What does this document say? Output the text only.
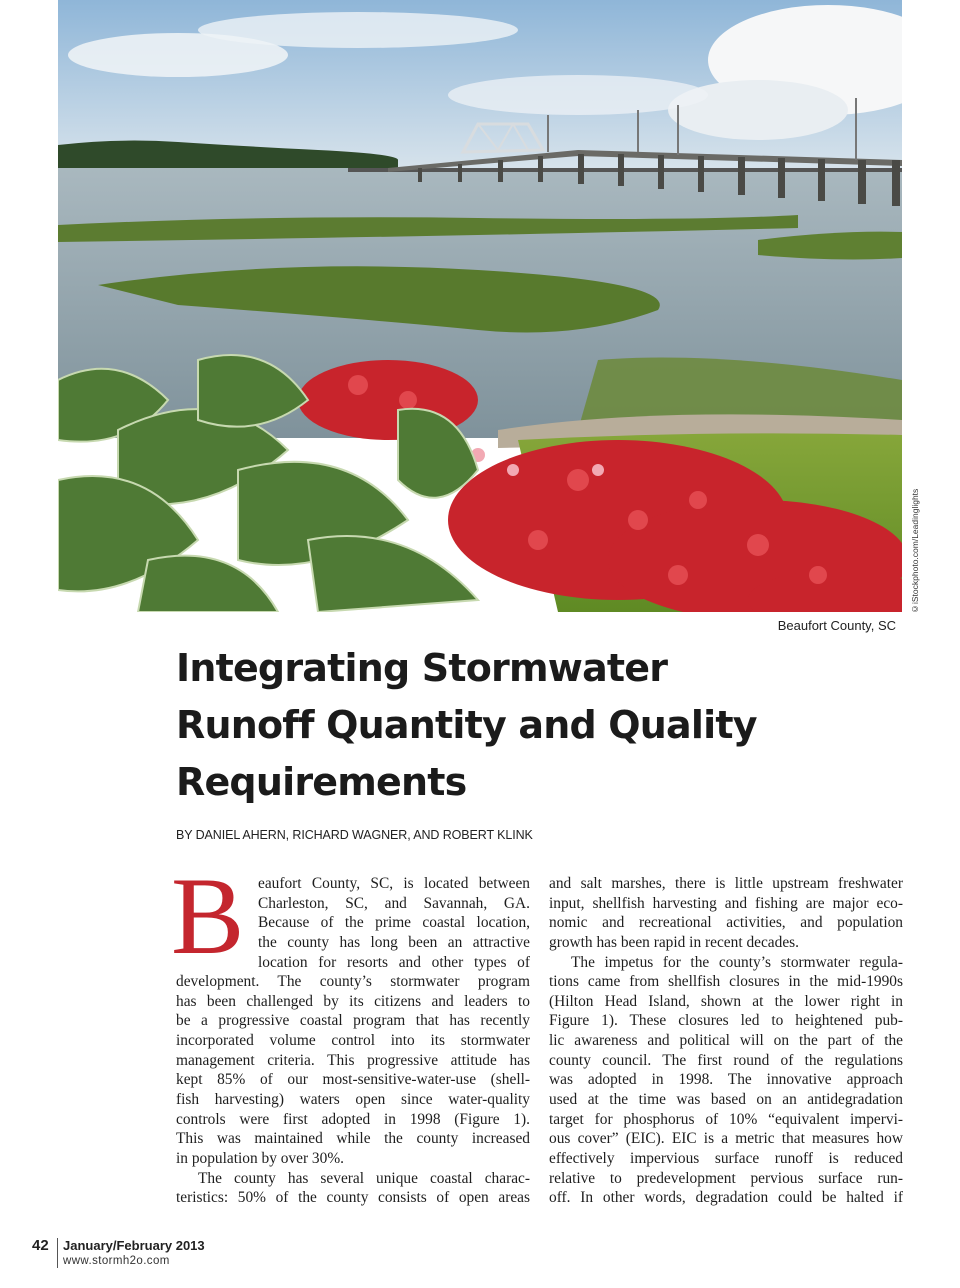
©iStockphoto.com/Leadinglights
Beaufort County, SC
Integrating Stormwater
Runoff Quantity and Quality
Requirements
BY DANIEL AHERN, RICHARD WAGNER, AND ROBERT KLINK
B eaufort County, SC, is located between
Charleston, SC, and Savannah, GA.
Because of the prime coastal location,
the county has long been an attractive
location for resorts and other types of
development. The county’s stormwater program
has been challenged by its citizens and leaders to
be a progressive coastal program that has recently
incorporated volume control into its stormwater
management criteria. This progressive attitude has
kept 85% of our most-sensitive-water-use (shell-
fish harvesting) waters open since water-quality
controls were first adopted in 1998 (Figure 1).
This was maintained while the county increased
in population by over 30%.
The county has several unique coastal charac-
teristics: 50% of the county consists of open areas
and salt marshes, there is little upstream freshwater
input, shellfish harvesting and fishing are major eco-
nomic and recreational activities, and population
growth has been rapid in recent decades.
The impetus for the county’s stormwater regula-
tions came from shellfish closures in the mid-1990s
(Hilton Head Island, shown at the lower right in
Figure 1). These closures led to heightened pub-
lic awareness and political will on the part of the
county council. The first round of the regulations
was adopted in 1998. The innovative approach
used at the time was based on an antidegradation
target for phosphorus of 10% “equivalent impervi-
ous cover” (EIC). EIC is a metric that measures how
effectively impervious surface runoff is reduced
relative to predevelopment pervious surface run-
off. In other words, degradation could be halted if
42 January/February 2013
www.stormh2o.com
